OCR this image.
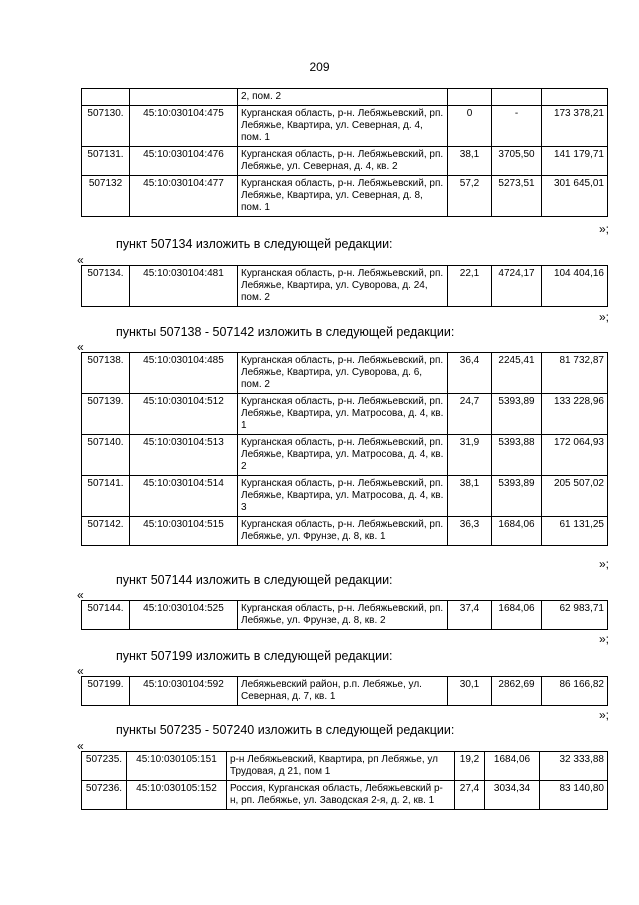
209
		2, пом. 2			
507130.	45:10:030104:475	Курганская область, р-н. Лебяжьевский, рп. Лебяжье, Квартира, ул. Северная, д. 4, пом. 1	0	-	173 378,21
507131.	45:10:030104:476	Курганская область, р-н. Лебяжьевский, рп. Лебяжье, ул. Северная, д. 4, кв. 2	38,1	3705,50	141 179,71
507132	45:10:030104:477	Курганская область, р-н. Лебяжьевский, рп. Лебяжье, Квартира, ул. Северная, д. 8, пом. 1	57,2	5273,51	301 645,01
»;
пункт 507134 изложить в следующей редакции:
«
507134.	45:10:030104:481	Курганская область, р-н. Лебяжьевский, рп. Лебяжье, Квартира, ул. Суворова, д. 24, пом. 2	22,1	4724,17	104 404,16
»;
пункты 507138 - 507142 изложить в следующей редакции:
«
507138.	45:10:030104:485	Курганская область, р-н. Лебяжьевский, рп. Лебяжье, Квартира, ул. Суворова, д. 6, пом. 2	36,4	2245,41	81 732,87
507139.	45:10:030104:512	Курганская область, р-н. Лебяжьевский, рп. Лебяжье, Квартира, ул. Матросова, д. 4, кв. 1	24,7	5393,89	133 228,96
507140.	45:10:030104:513	Курганская область, р-н. Лебяжьевский, рп. Лебяжье, Квартира, ул. Матросова, д. 4, кв. 2	31,9	5393,88	172 064,93
507141.	45:10:030104:514	Курганская область, р-н. Лебяжьевский, рп. Лебяжье, Квартира, ул. Матросова, д. 4, кв. 3	38,1	5393,89	205 507,02
507142.	45:10:030104:515	Курганская область, р-н. Лебяжьевский, рп. Лебяжье, ул. Фрунзе, д. 8, кв. 1	36,3	1684,06	61 131,25
»;
пункт 507144 изложить в следующей редакции:
«
507144.	45:10:030104:525	Курганская область, р-н. Лебяжьевский, рп. Лебяжье, ул. Фрунзе, д. 8, кв. 2	37,4	1684,06	62 983,71
»;
пункт 507199 изложить в следующей редакции:
«
507199.	45:10:030104:592	Лебяжьевский район, р.п. Лебяжье, ул. Северная, д. 7, кв. 1	30,1	2862,69	86 166,82
»;
пункты 507235 - 507240 изложить в следующей редакции:
«
507235.	45:10:030105:151	р-н Лебяжьевский, Квартира, рп Лебяжье, ул Трудовая, д 21, пом 1	19,2	1684,06	32 333,88
507236.	45:10:030105:152	Россия, Курганская область, Лебяжьевский р-н, рп. Лебяжье, ул. Заводская 2-я, д. 2, кв. 1	27,4	3034,34	83 140,80
